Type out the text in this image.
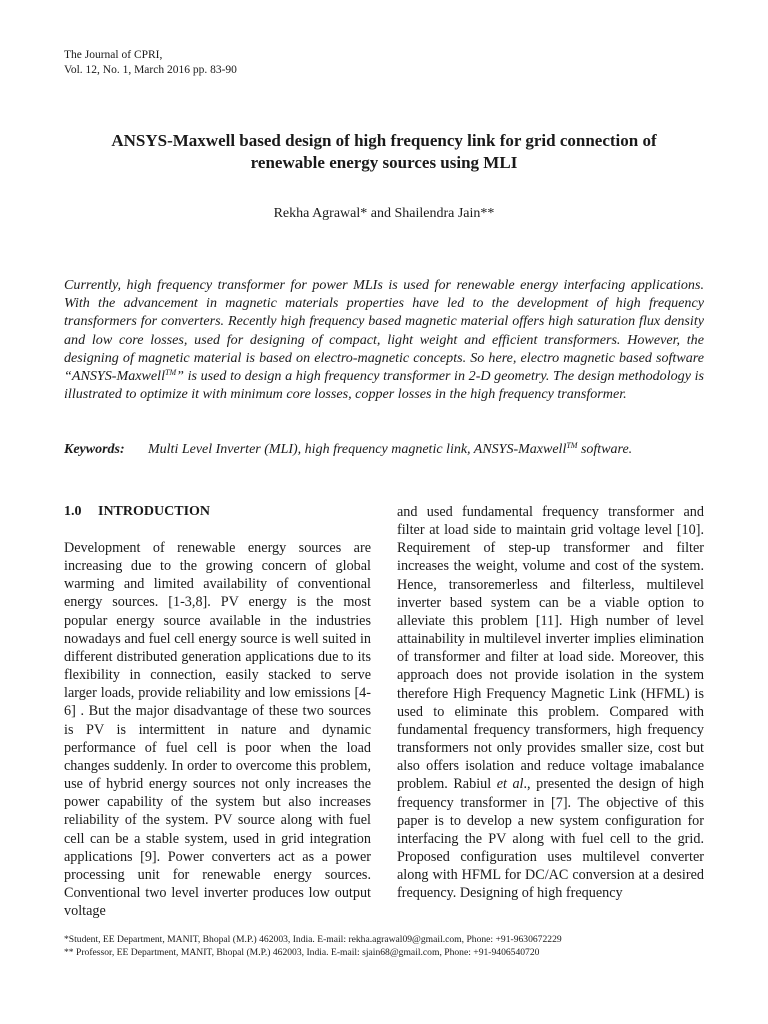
The Journal of CPRI,
Vol. 12, No. 1, March 2016 pp. 83-90
ANSYS-Maxwell based design of high frequency link for grid connection of
renewable energy sources using MLI
Rekha Agrawal* and Shailendra Jain**

Currently, high frequency transformer for power MLIs is used for renewable energy interfacing applications. With the advancement in magnetic materials properties have led to the development of high frequency transformers for converters. Recently high frequency based magnetic material offers high saturation flux density and low core losses, used for designing of compact, light weight and efficient transformers. However, the designing of magnetic material is based on electro-magnetic concepts. So here, electro magnetic based software “ANSYS-Maxwell™” is used to design a high frequency transformer in 2-D geometry. The design methodology is illustrated to optimize it with minimum core losses, copper losses in the high frequency transformer.

Keywords: Multi Level Inverter (MLI), high frequency magnetic link, ANSYS-Maxwell™ software.
1.0 INTRODUCTION

Development of renewable energy sources are increasing due to the growing concern of global warming and limited availability of conventional energy sources. [1-3,8]. PV energy is the most popular energy source available in the industries nowadays and fuel cell energy source is well suited in different distributed generation applications due to its flexibility in connection, easily stacked to serve larger loads, provide reliability and low emissions [4-6] . But the major disadvantage of these two sources is PV is intermittent in nature and dynamic performance of fuel cell is poor when the load changes suddenly. In order to overcome this problem, use of hybrid energy sources not only increases the power capability of the system but also increases reliability of the system. PV source along with fuel cell can be a stable system, used in grid integration applications [9]. Power converters act as a power processing unit for renewable energy sources. Conventional two level inverter produces low output voltage

and used fundamental frequency transformer and filter at load side to maintain grid voltage level [10]. Requirement of step-up transformer and filter increases the weight, volume and cost of the system. Hence, transoremerless and filterless, multilevel inverter based system can be a viable option to alleviate this problem [11]. High number of level attainability in multilevel inverter implies elimination of transformer and filter at load side. Moreover, this approach does not provide isolation in the system therefore High Frequency Magnetic Link (HFML) is used to eliminate this problem. Compared with fundamental frequency transformers, high frequency transformers not only provides smaller size, cost but also offers isolation and reduce voltage imabalance problem. Rabiul et al., presented the design of high frequency transformer in [7]. The objective of this paper is to develop a new system configuration for interfacing the PV along with fuel cell to the grid. Proposed configuration uses multilevel converter along with HFML for DC/AC conversion at a desired frequency. Designing of high frequency

*Student, EE Department, MANIT, Bhopal (M.P.) 462003, India. E-mail: rekha.agrawal09@gmail.com, Phone: +91-9630672229
** Professor, EE Department, MANIT, Bhopal (M.P.) 462003, India. E-mail: sjain68@gmail.com, Phone: +91-9406540720
